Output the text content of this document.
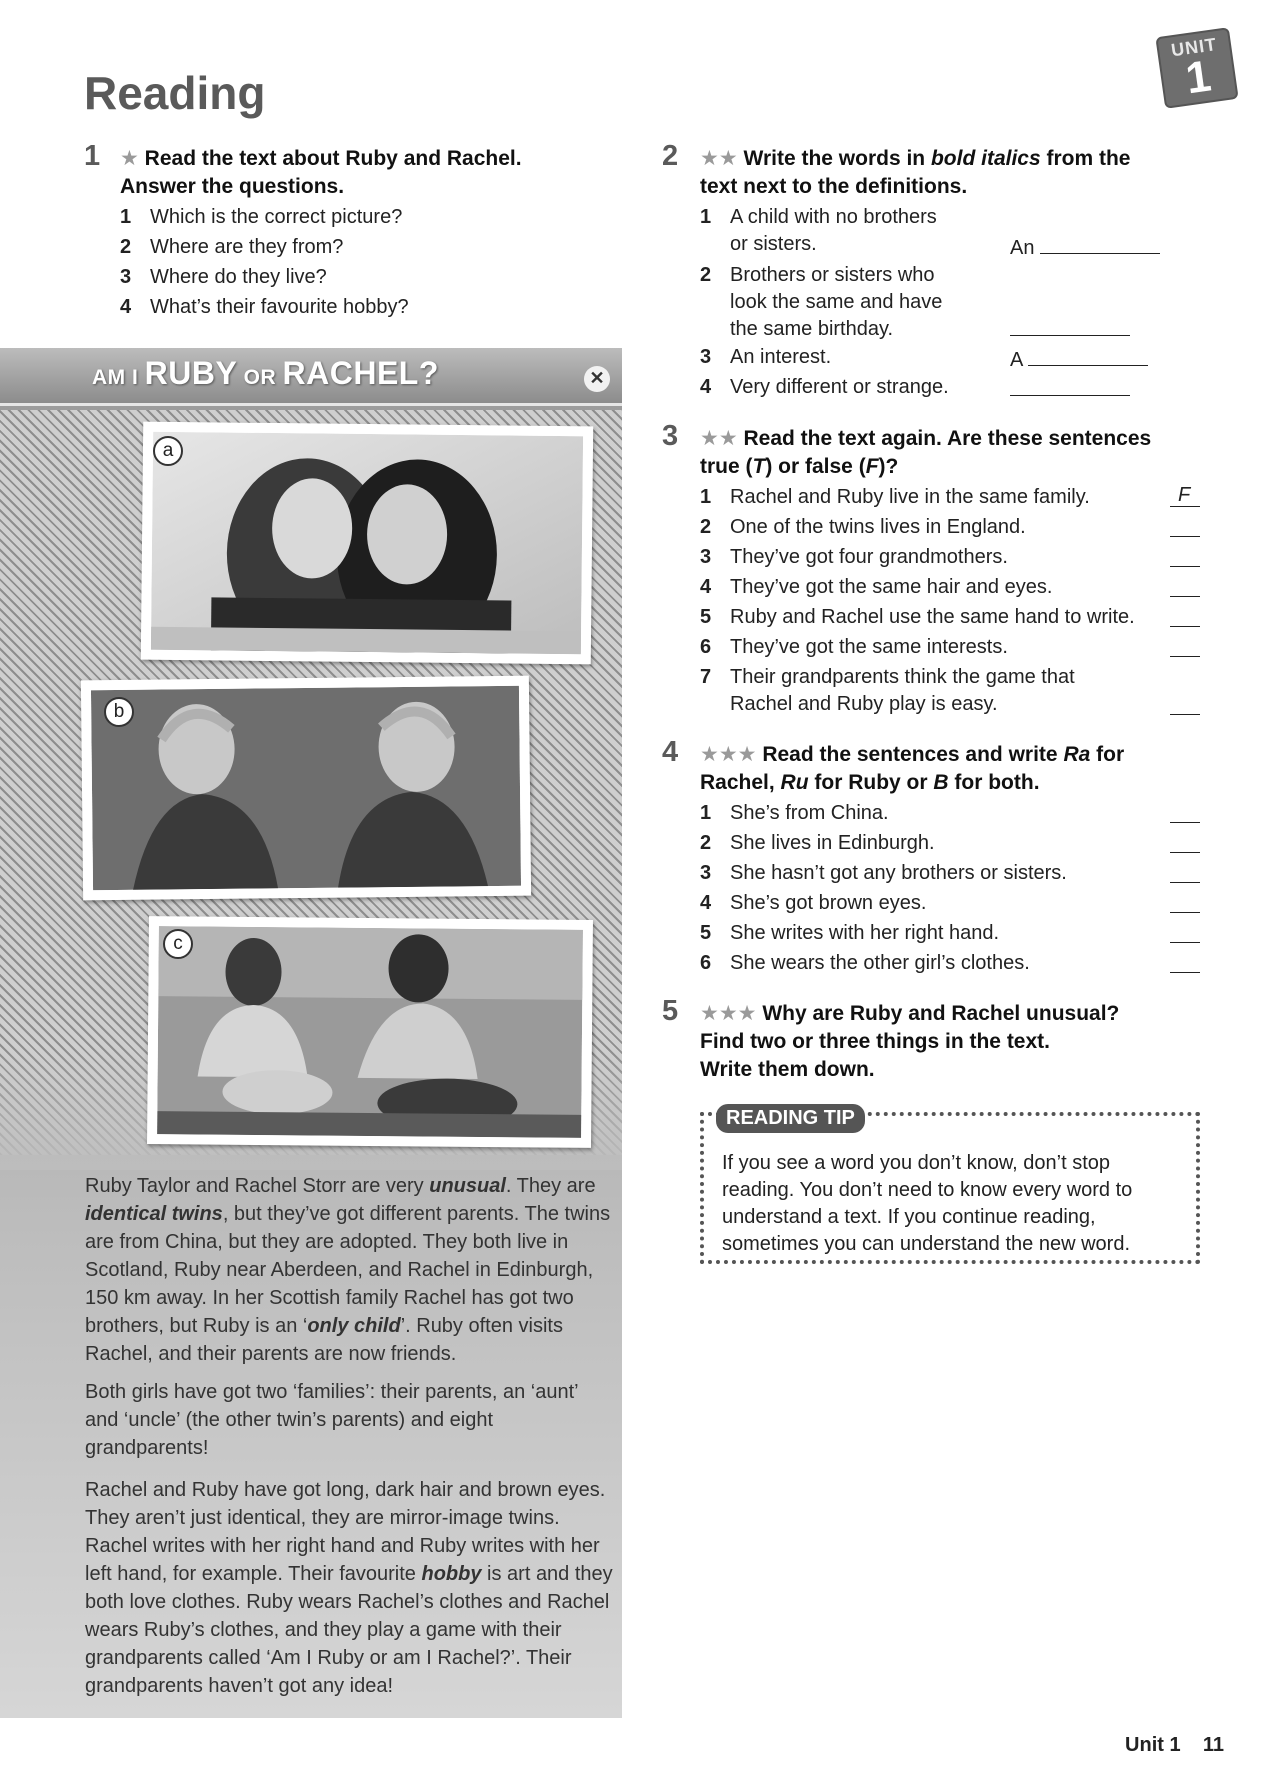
Reading
UNIT
1
1 ★ Read the text about Ruby and Rachel.
Answer the questions.
1 Which is the correct picture?
2 Where are they from?
3 Where do they live?
4 What’s their favourite hobby?
AM I RUBY OR RACHEL?	✕
a
b
c
Ruby Taylor and Rachel Storr are very unusual. They are identical twins, but they’ve got different parents. The twins are from China, but they are adopted. They both live in Scotland, Ruby near Aberdeen, and Rachel in Edinburgh, 150 km away. In her Scottish family Rachel has got two brothers, but Ruby is an ‘only child’. Ruby often visits Rachel, and their parents are now friends.
Both girls have got two ‘families’: their parents, an ‘aunt’ and ‘uncle’ (the other twin’s parents) and eight grandparents!
Rachel and Ruby have got long, dark hair and brown eyes. They aren’t just identical, they are mirror-image twins. Rachel writes with her right hand and Ruby writes with her left hand, for example. Their favourite hobby is art and they both love clothes. Ruby wears Rachel’s clothes and Rachel wears Ruby’s clothes, and they play a game with their grandparents called ‘Am I Ruby or am I Rachel?’. Their grandparents haven’t got any idea!
2 ★★ Write the words in bold italics from the
text next to the definitions.
1 A child with no brothers
or sisters.	An
2 Brothers or sisters who
look the same and have
the same birthday.
3 An interest.	A
4 Very different or strange.
3 ★★ Read the text again. Are these sentences
true (T) or false (F)?
1 Rachel and Ruby live in the same family.
2 One of the twins lives in England.
3 They’ve got four grandmothers.
4 They’ve got the same hair and eyes.
5 Ruby and Rachel use the same hand to write.
6 They’ve got the same interests.
7 Their grandparents think the game that
Rachel and Ruby play is easy.
F
4 ★★★ Read the sentences and write Ra for
Rachel, Ru for Ruby or B for both.
1 She’s from China.
2 She lives in Edinburgh.
3 She hasn’t got any brothers or sisters.
4 She’s got brown eyes.
5 She writes with her right hand.
6 She wears the other girl’s clothes.
5 ★★★ Why are Ruby and Rachel unusual?
Find two or three things in the text.
Write them down.
READING TIP
If you see a word you don’t know, don’t stop reading. You don’t need to know every word to understand a text. If you continue reading, sometimes you can understand the new word.
Unit 1 11
